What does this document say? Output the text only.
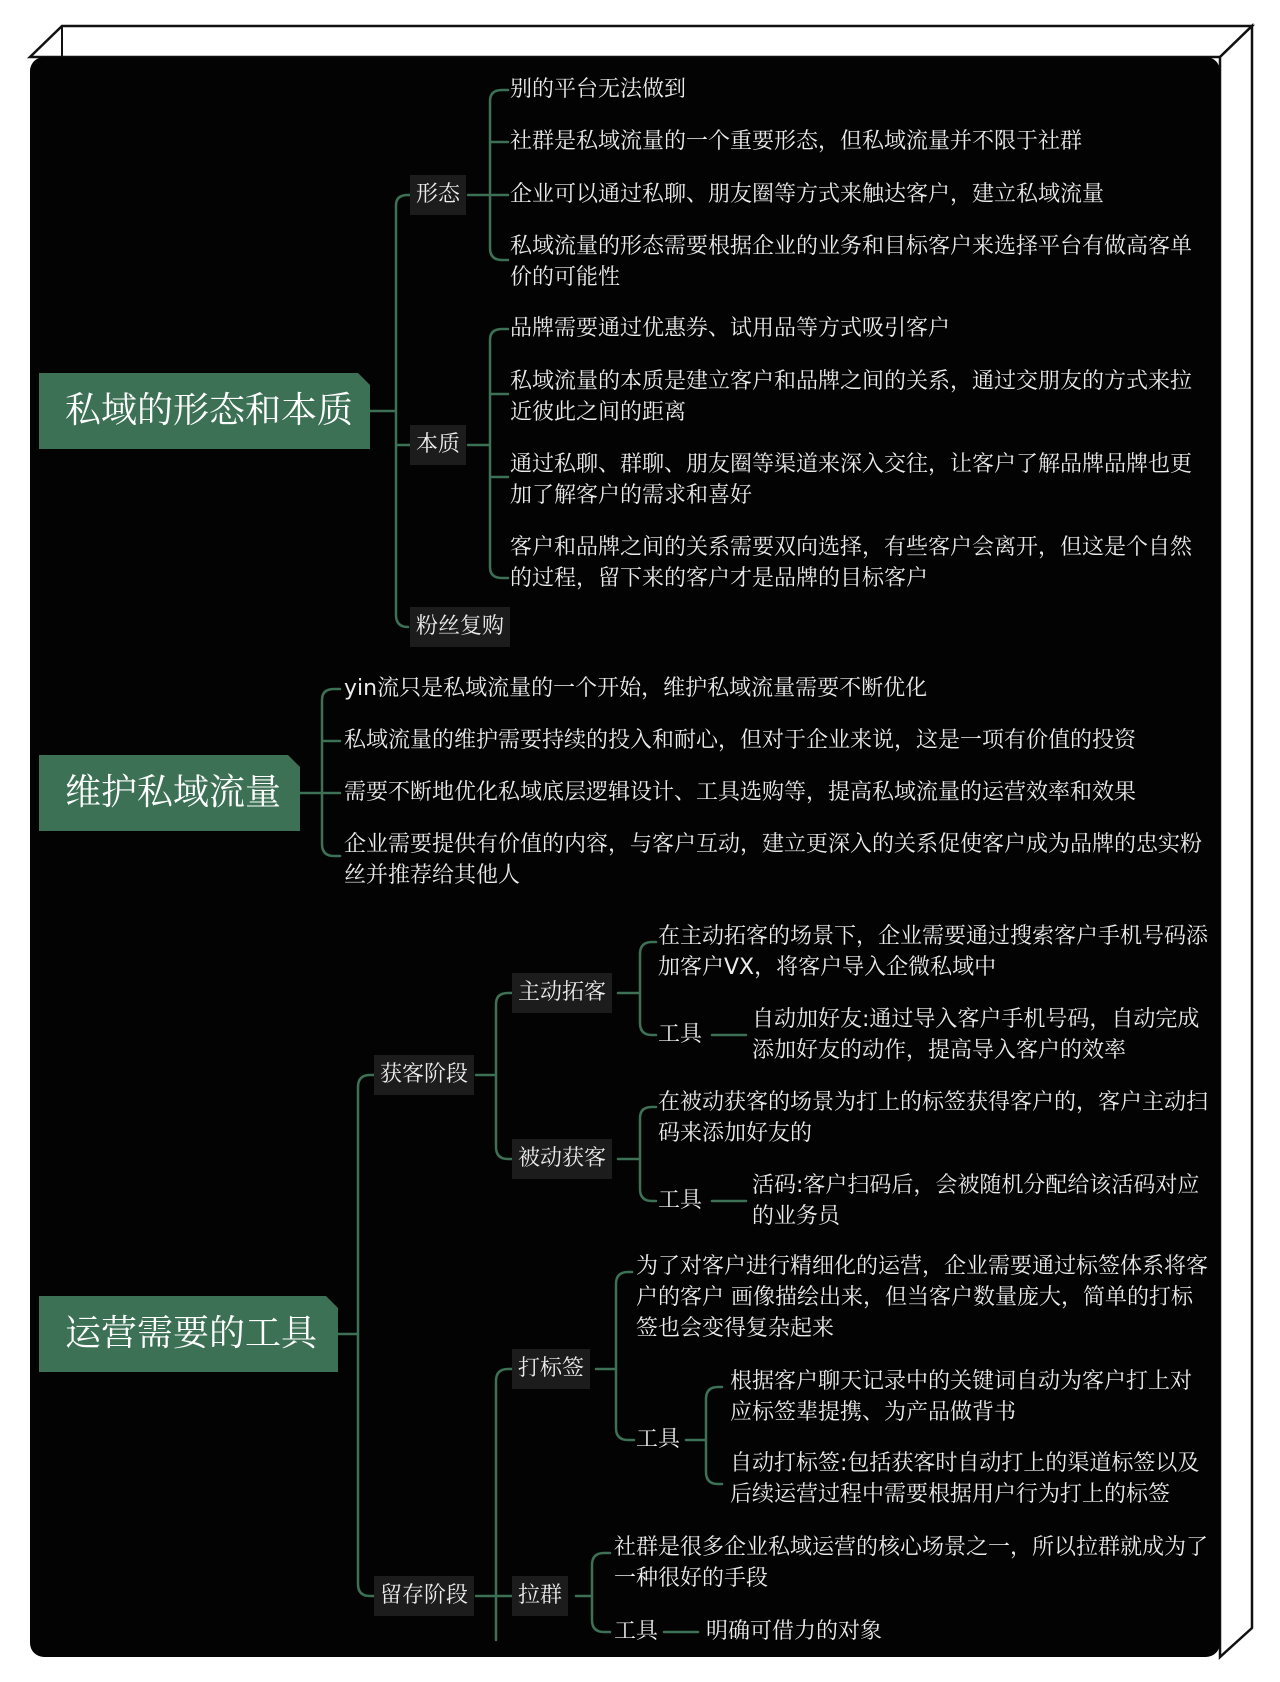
私域的形态和本质
形态
本质
粉丝复购
别的平台无法做到
社群是私域流量的一个重要形态，但私域流量并不限于社群
企业可以通过私聊、朋友圈等方式来触达客户，建立私域流量
私域流量的形态需要根据企业的业务和目标客户来选择平台有做高客单价的可能性
品牌需要通过优惠券、试用品等方式吸引客户
私域流量的本质是建立客户和品牌之间的关系，通过交朋友的方式来拉近彼此之间的距离
通过私聊、群聊、朋友圈等渠道来深入交往，让客户了解品牌品牌也更加了解客户的需求和喜好
客户和品牌之间的关系需要双向选择，有些客户会离开，但这是个自然的过程，留下来的客户才是品牌的目标客户
维护私域流量
yin流只是私域流量的一个开始，维护私域流量需要不断优化
私域流量的维护需要持续的投入和耐心，但对于企业来说，这是一项有价值的投资
需要不断地优化私域底层逻辑设计、工具选购等，提高私域流量的运营效率和效果
企业需要提供有价值的内容，与客户互动，建立更深入的关系促使客户成为品牌的忠实粉丝并推荐给其他人
运营需要的工具
获客阶段
留存阶段
主动拓客
被动获客
打标签
拉群
在主动拓客的场景下，企业需要通过搜索客户手机号码添加客户VX，将客户导入企微私域中
工具
自动加好友:通过导入客户手机号码，自动完成添加好友的动作，提高导入客户的效率
在被动获客的场景为打上的标签获得客户的，客户主动扫码来添加好友的
工具
活码:客户扫码后，会被随机分配给该活码对应的业务员
为了对客户进行精细化的运营，企业需要通过标签体系将客户的客户 画像描绘出来，但当客户数量庞大，简单的打标签也会变得复杂起来
工具
根据客户聊天记录中的关键词自动为客户打上对应标签辈提携、为产品做背书
自动打标签:包括获客时自动打上的渠道标签以及后续运营过程中需要根据用户行为打上的标签
社群是很多企业私域运营的核心场景之一，所以拉群就成为了一种很好的手段
工具 明确可借力的对象
